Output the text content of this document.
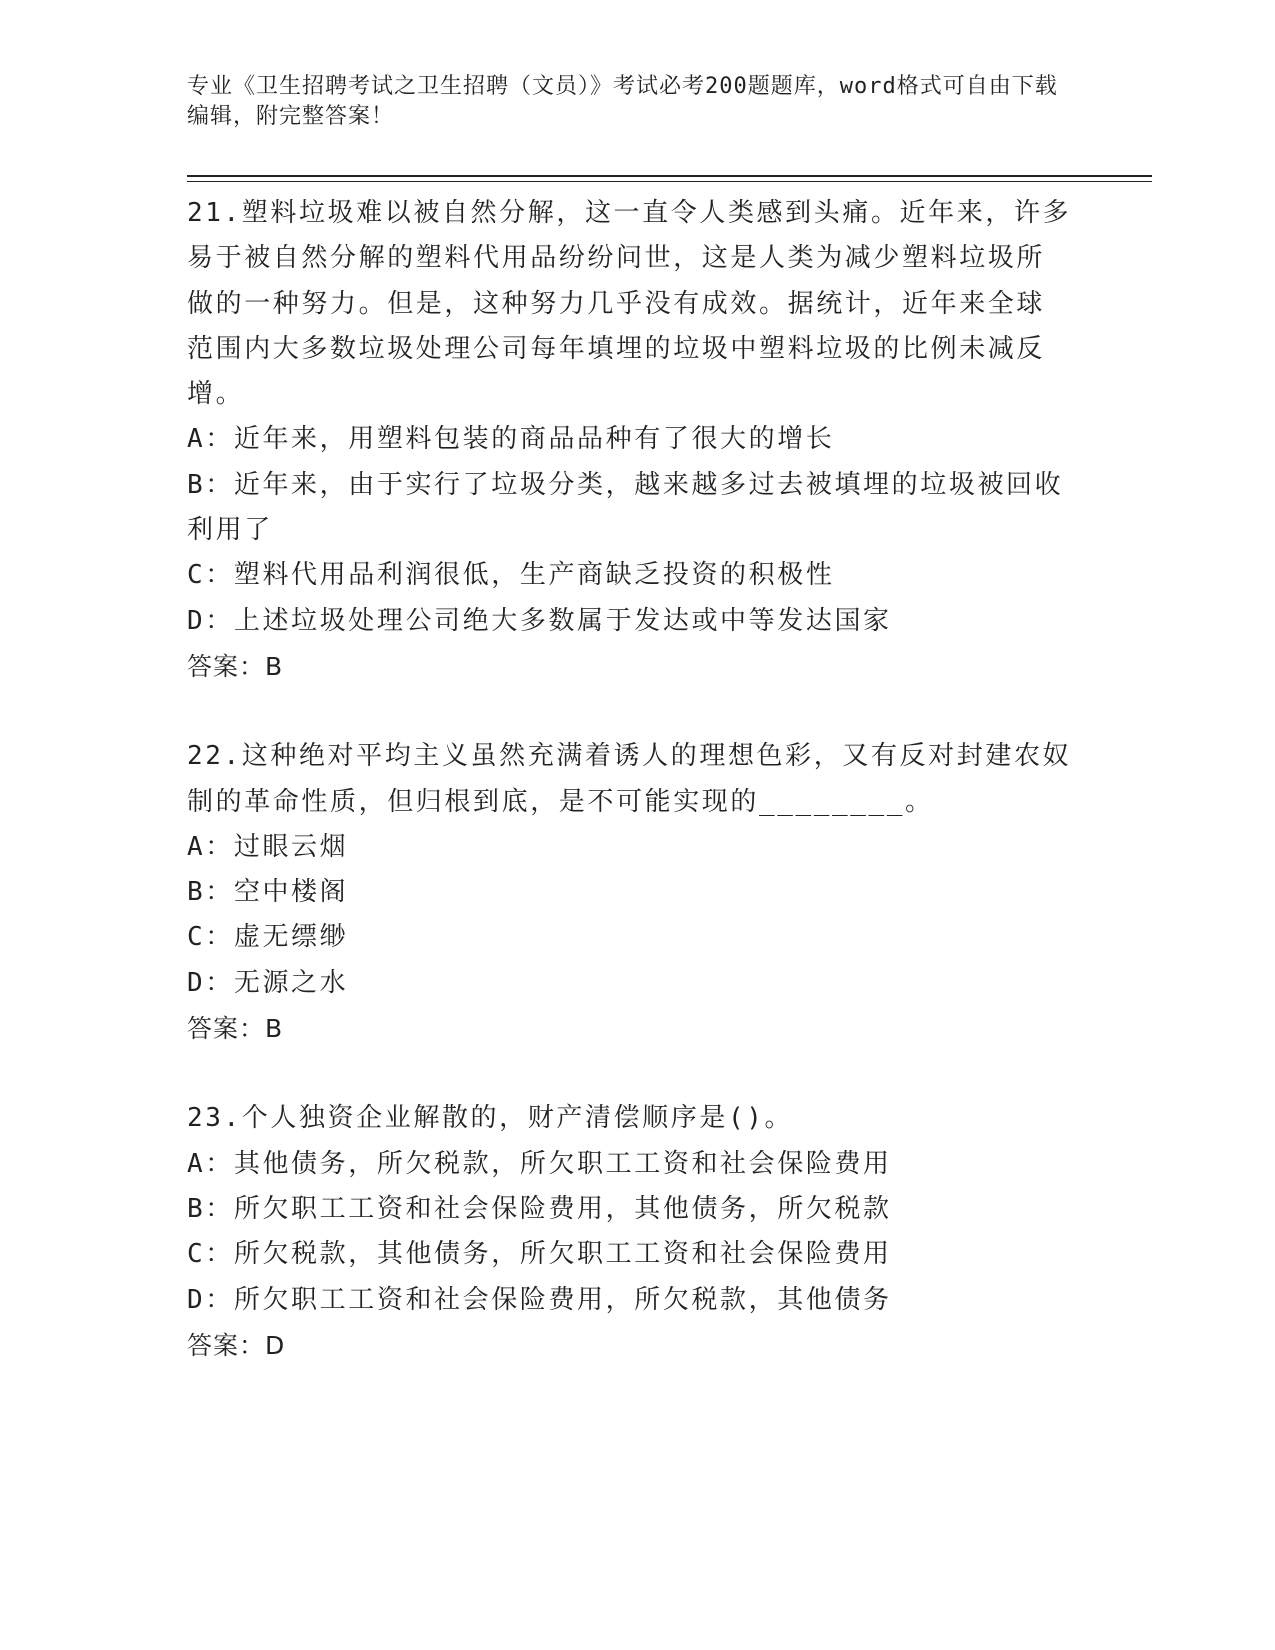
专业《卫生招聘考试之卫生招聘（文员）》考试必考200题题库，word格式可自由下载编辑，附完整答案！

21.塑料垃圾难以被自然分解，这一直令人类感到头痛。近年来，许多易于被自然分解的塑料代用品纷纷问世，这是人类为减少塑料垃圾所做的一种努力。但是，这种努力几乎没有成效。据统计，近年来全球范围内大多数垃圾处理公司每年填埋的垃圾中塑料垃圾的比例未减反增。

A：近年来，用塑料包装的商品品种有了很大的增长

B：近年来，由于实行了垃圾分类，越来越多过去被填埋的垃圾被回收利用了

C：塑料代用品利润很低，生产商缺乏投资的积极性

D：上述垃圾处理公司绝大多数属于发达或中等发达国家

答案：B

22.这种绝对平均主义虽然充满着诱人的理想色彩，又有反对封建农奴制的革命性质，但归根到底，是不可能实现的________。

A：过眼云烟

B：空中楼阁

C：虚无缥缈

D：无源之水

答案：B

23.个人独资企业解散的，财产清偿顺序是()。

A：其他债务，所欠税款，所欠职工工资和社会保险费用

B：所欠职工工资和社会保险费用，其他债务，所欠税款

C：所欠税款，其他债务，所欠职工工资和社会保险费用

D：所欠职工工资和社会保险费用，所欠税款，其他债务

答案：D
